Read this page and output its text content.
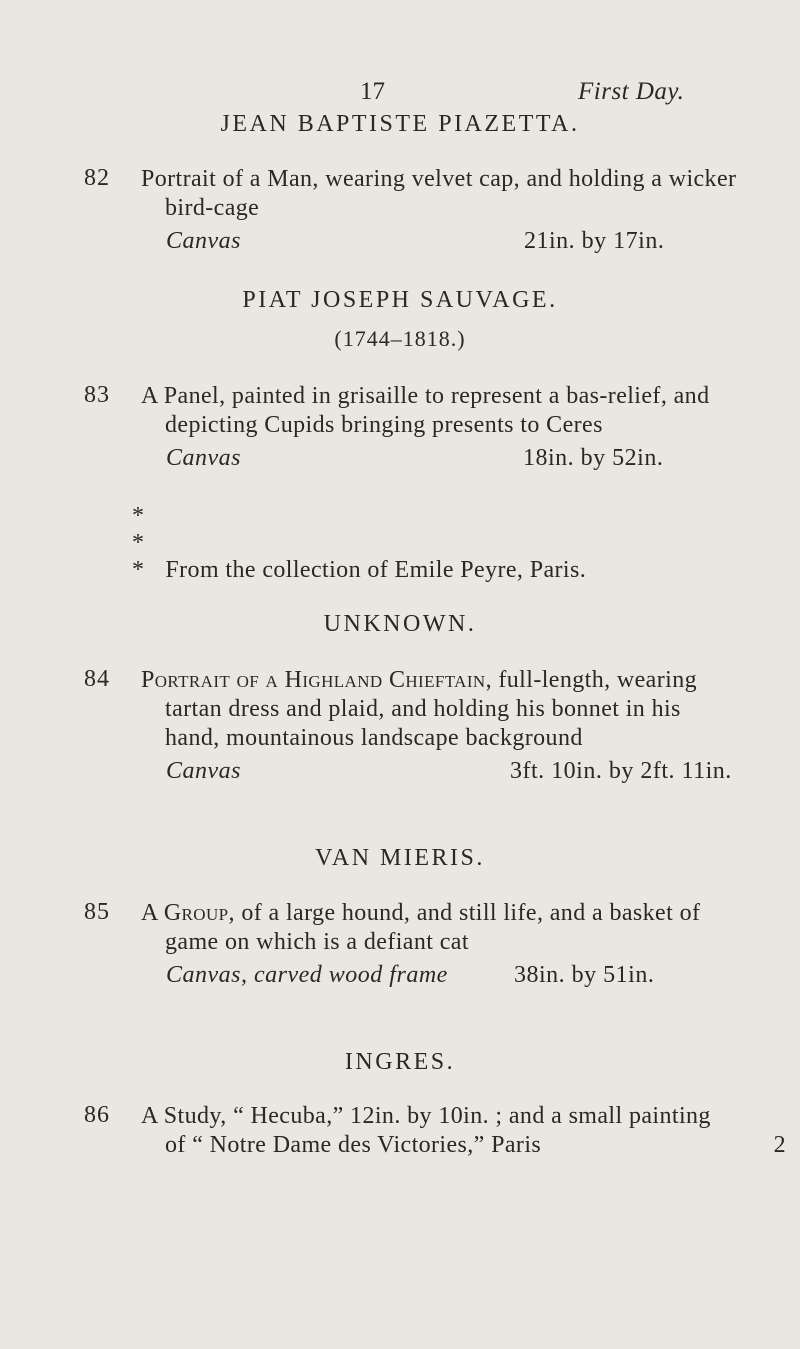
17	First Day.
JEAN BAPTISTE PIAZETTA.
82 Portrait of a Man, wearing velvet cap, and holding a wicker
bird-cage
Canvas	21in. by 17in.
PIAT JOSEPH SAUVAGE.
(1744–1818.)
83 A Panel, painted in grisaille to represent a bas-relief, and
depicting Cupids bringing presents to Ceres
Canvas	18in. by 52in.
* * * From the collection of Emile Peyre, Paris.
UNKNOWN.
84 Portrait of a Highland Chieftain, full-length, wearing
tartan dress and plaid, and holding his bonnet in his
hand, mountainous landscape background
Canvas	3ft. 10in. by 2ft. 11in.
VAN MIERIS.
85 A Group, of a large hound, and still life, and a basket of
game on which is a defiant cat
Canvas, carved wood frame	38in. by 51in.
INGRES.
86 A Study, “ Hecuba,” 12in. by 10in. ; and a small painting
of “ Notre Dame des Victories,” Paris	2
